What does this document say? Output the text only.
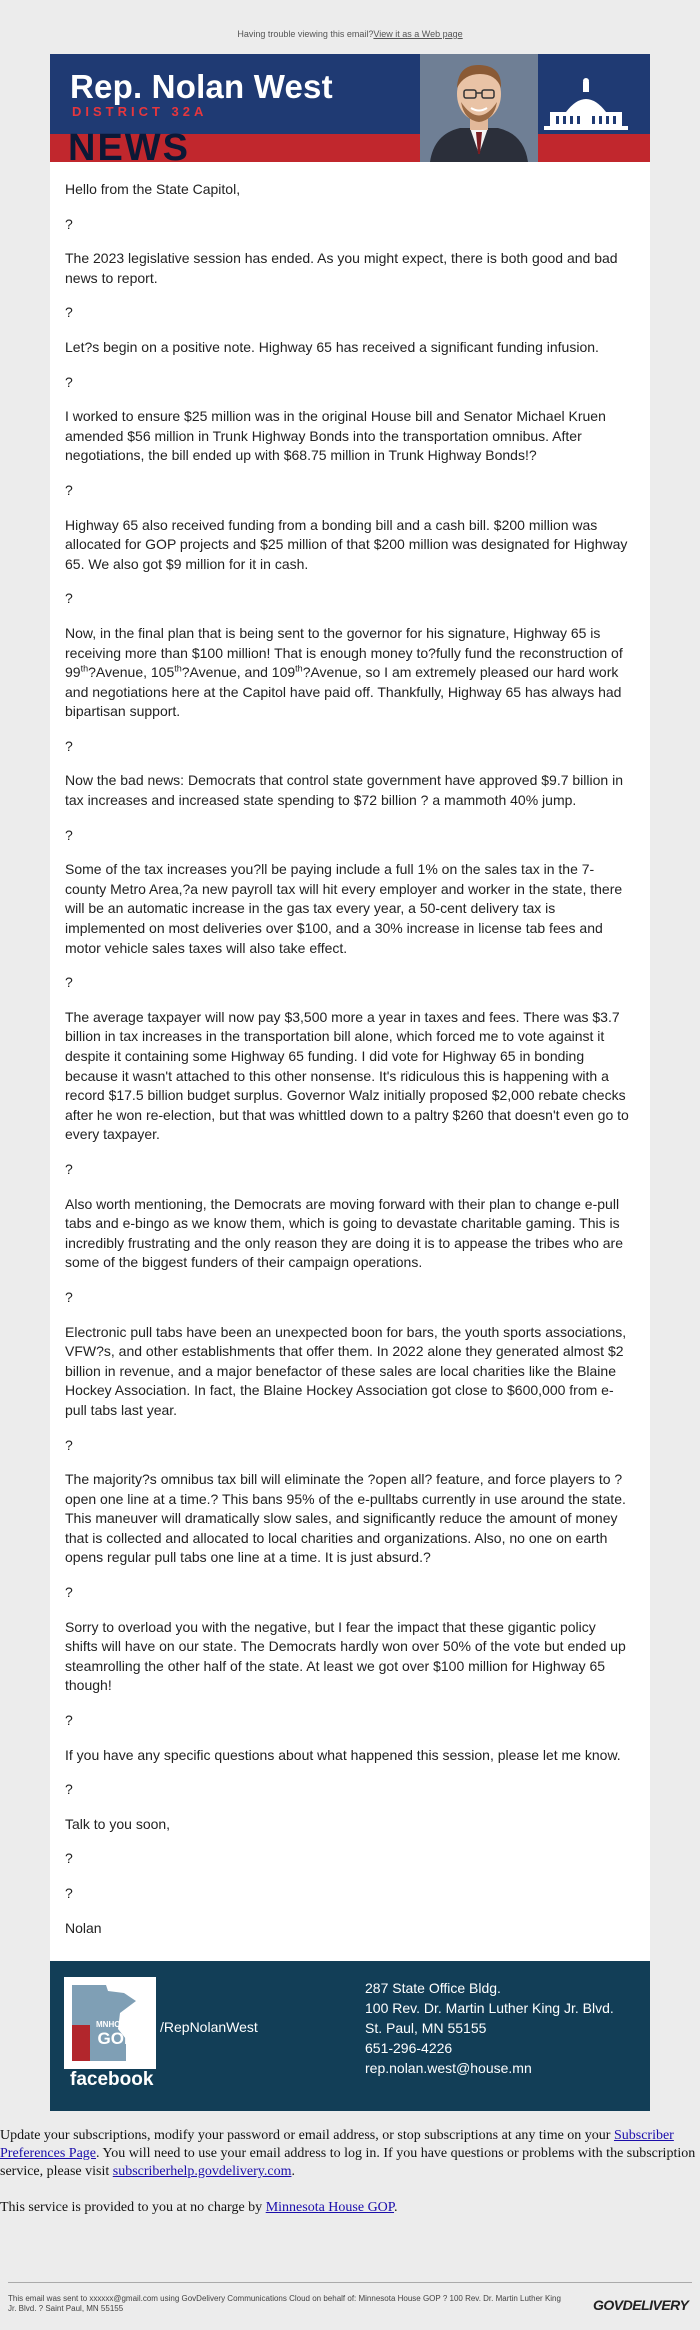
Having trouble viewing this email?View it as a Web page
Rep. Nolan West
DISTRICT 32A
NEWS

Hello from the State Capitol,

?

The 2023 legislative session has ended. As you might expect, there is both good and bad news to report.

?

Let?s begin on a positive note. Highway 65 has received a significant funding infusion.

?

I worked to ensure $25 million was in the original House bill and Senator Michael Kruen amended $56 million in Trunk Highway Bonds into the transportation omnibus. After negotiations, the bill ended up with $68.75 million in Trunk Highway Bonds!?

?

Highway 65 also received funding from a bonding bill and a cash bill. $200 million was allocated for GOP projects and $25 million of that $200 million was designated for Highway 65. We also got $9 million for it in cash.

?

Now, in the final plan that is being sent to the governor for his signature, Highway 65 is receiving more than $100 million! That is enough money to?fully fund the reconstruction of 99th?Avenue, 105th?Avenue, and 109th?Avenue, so I am extremely pleased our hard work and negotiations here at the Capitol have paid off. Thankfully, Highway 65 has always had bipartisan support.

?

Now the bad news: Democrats that control state government have approved $9.7 billion in tax increases and increased state spending to $72 billion ? a mammoth 40% jump.

?

Some of the tax increases you?ll be paying include a full 1% on the sales tax in the 7-county Metro Area,?a new payroll tax will hit every employer and worker in the state, there will be an automatic increase in the gas tax every year, a 50-cent delivery tax is implemented on most deliveries over $100, and a 30% increase in license tab fees and motor vehicle sales taxes will also take effect.

?

The average taxpayer will now pay $3,500 more a year in taxes and fees. There was $3.7 billion in tax increases in the transportation bill alone, which forced me to vote against it despite it containing some Highway 65 funding. I did vote for Highway 65 in bonding because it wasn't attached to this other nonsense. It's ridiculous this is happening with a record $17.5 billion budget surplus. Governor Walz initially proposed $2,000 rebate checks after he won re-election, but that was whittled down to a paltry $260 that doesn't even go to every taxpayer.

?

Also worth mentioning, the Democrats are moving forward with their plan to change e-pull tabs and e-bingo as we know them, which is going to devastate charitable gaming. This is incredibly frustrating and the only reason they are doing it is to appease the tribes who are some of the biggest funders of their campaign operations.

?

Electronic pull tabs have been an unexpected boon for bars, the youth sports associations, VFW?s, and other establishments that offer them. In 2022 alone they generated almost $2 billion in revenue, and a major benefactor of these sales are local charities like the Blaine Hockey Association. In fact, the Blaine Hockey Association got close to $600,000 from e-pull tabs last year.

?

The majority?s omnibus tax bill will eliminate the ?open all? feature, and force players to ?open one line at a time.? This bans 95% of the e-pulltabs currently in use around the state. This maneuver will dramatically slow sales, and significantly reduce the amount of money that is collected and allocated to local charities and organizations. Also, no one on earth opens regular pull tabs one line at a time. It is just absurd.?

?

Sorry to overload you with the negative, but I fear the impact that these gigantic policy shifts will have on our state. The Democrats hardly won over 50% of the vote but ended up steamrolling the other half of the state. At least we got over $100 million for Highway 65 though!

?

If you have any specific questions about what happened this session, please let me know.

?

Talk to you soon,

?

?

Nolan

MNHOUSE
GOP
facebook
/RepNolanWest
287 State Office Bldg.
100 Rev. Dr. Martin Luther King Jr. Blvd.
St. Paul, MN 55155
651-296-4226
rep.nolan.west@house.mn

Update your subscriptions, modify your password or email address, or stop subscriptions at any time on your Subscriber Preferences Page. You will need to use your email address to log in. If you have questions or problems with the subscription service, please visit subscriberhelp.govdelivery.com.

This service is provided to you at no charge by Minnesota House GOP.

This email was sent to xxxxxx@gmail.com using GovDelivery Communications Cloud on behalf of: Minnesota House GOP ? 100 Rev. Dr. Martin Luther King Jr. Blvd. ? Saint Paul, MN 55155	GOVDELIVERY
